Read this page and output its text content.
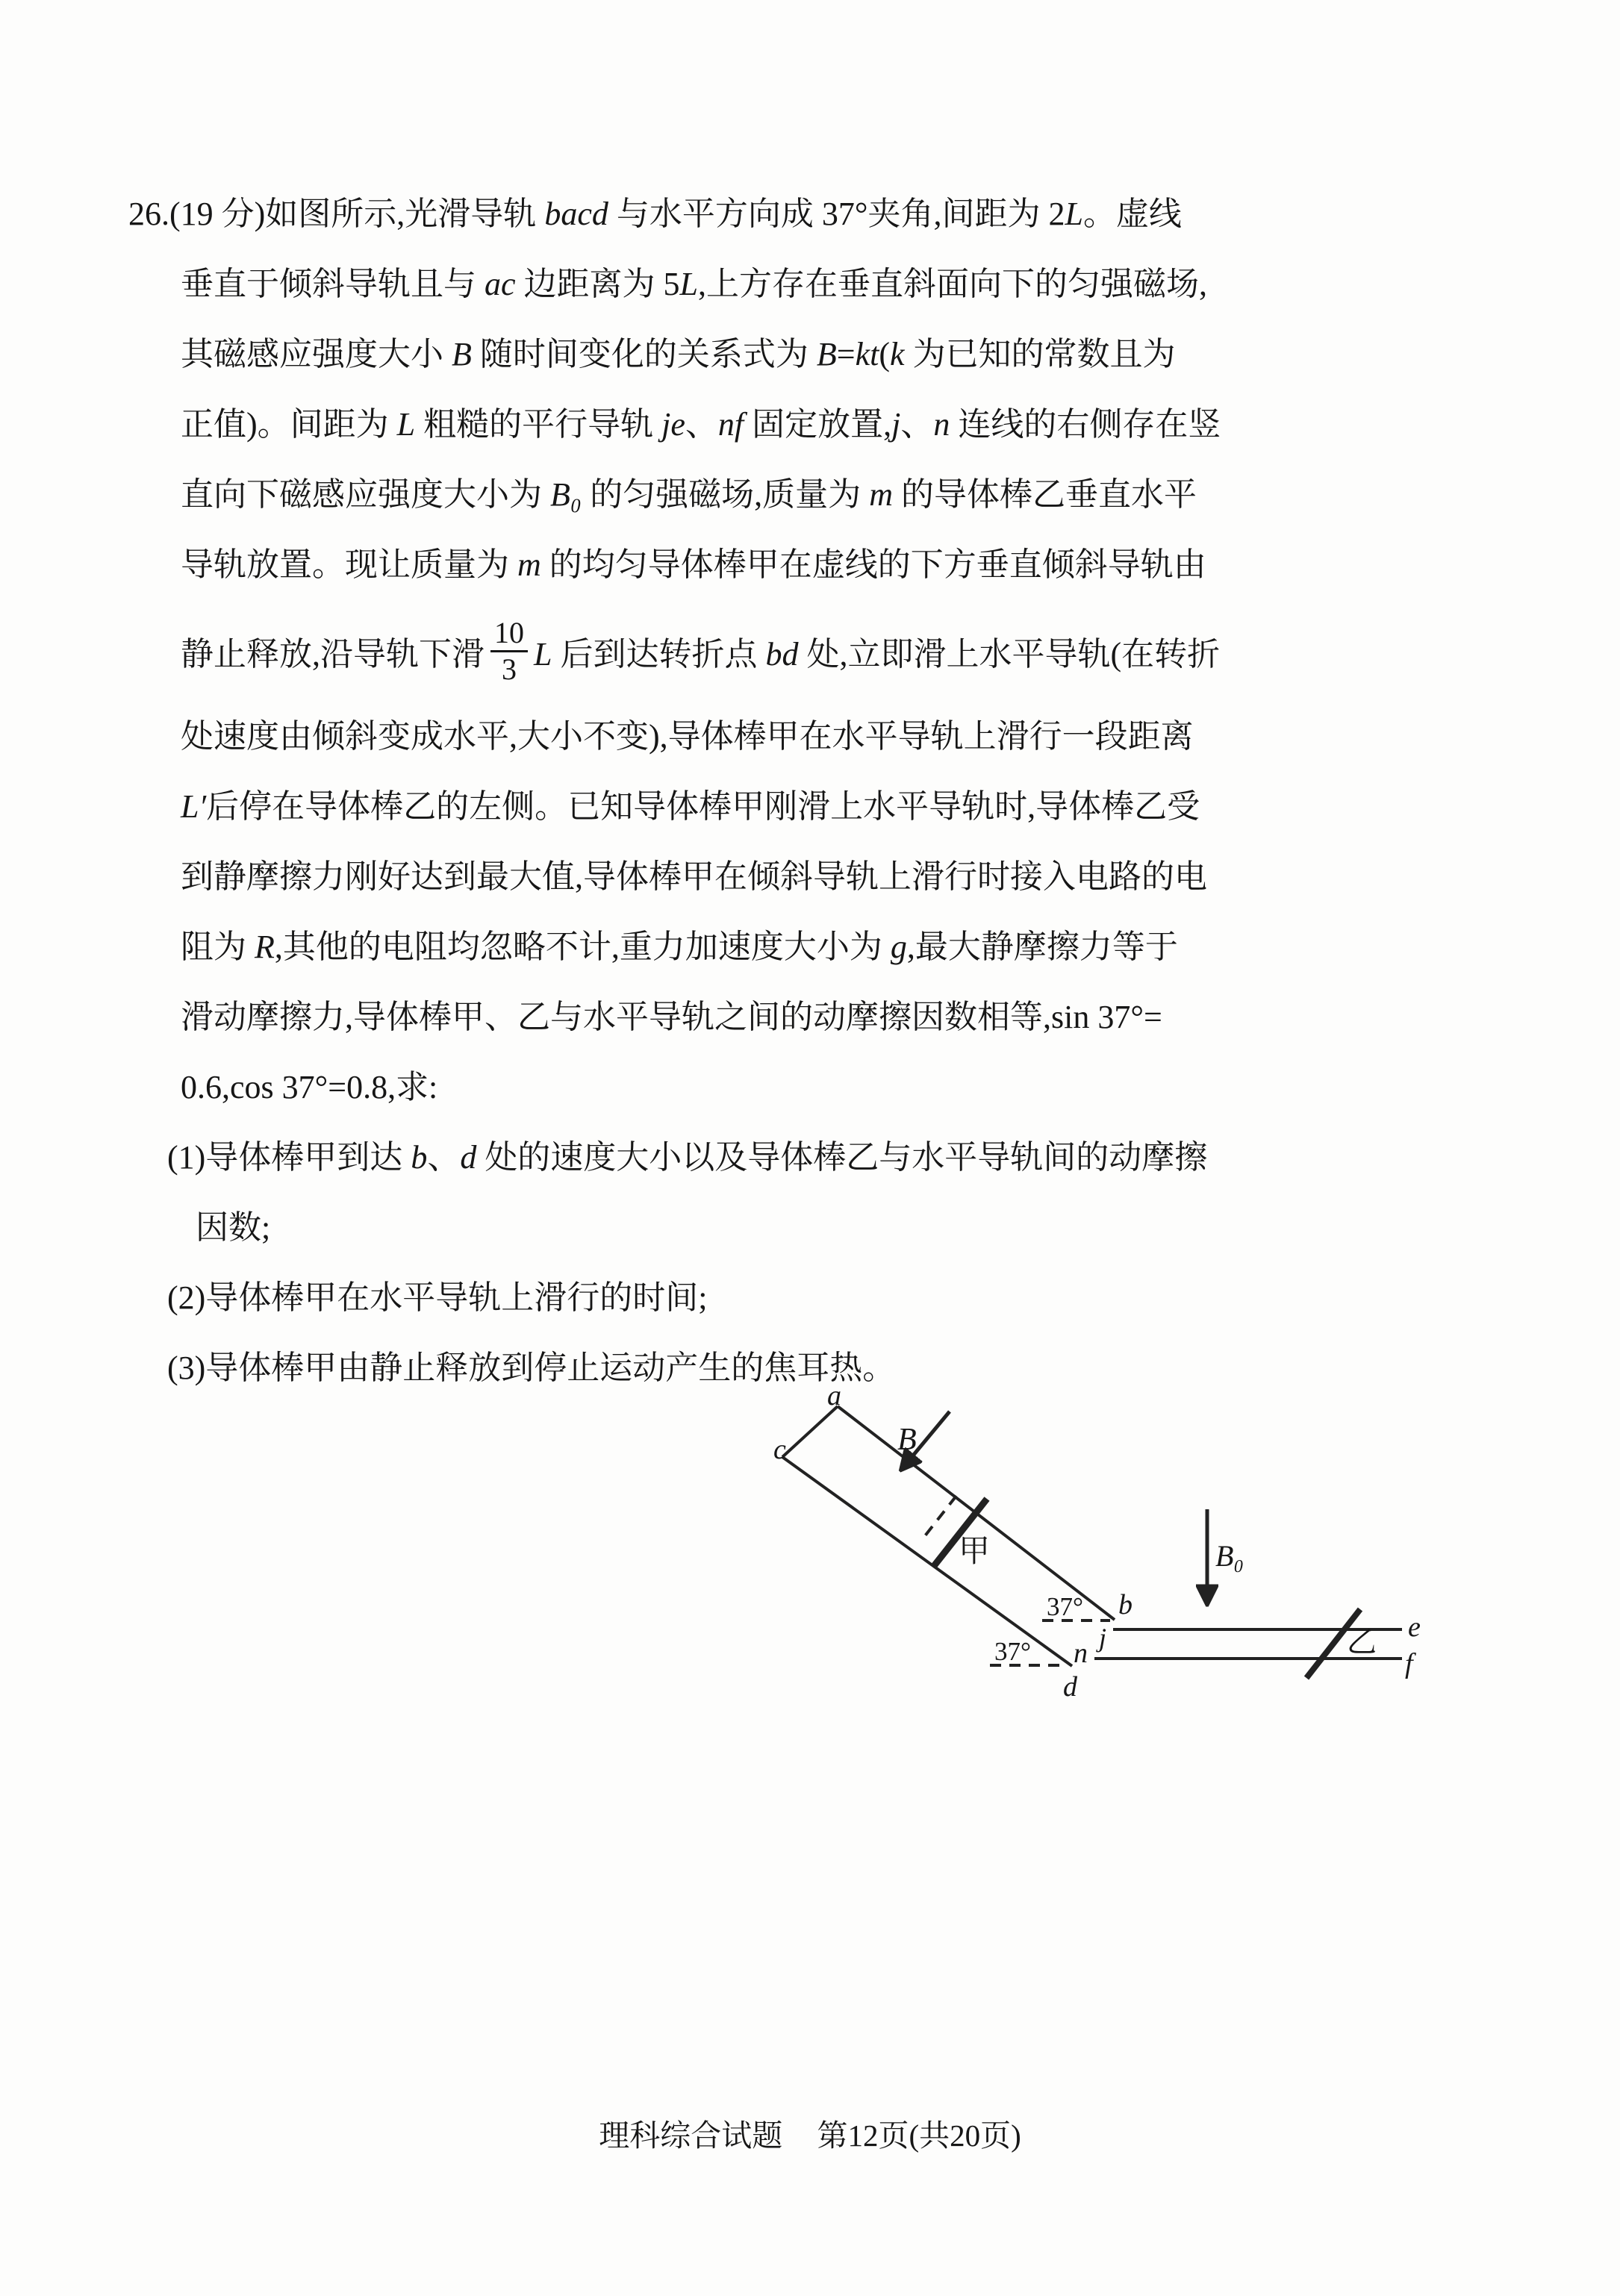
26.(19 分)如图所示,光滑导轨 bacd 与水平方向成 37°夹角,间距为 2L。虚线
垂直于倾斜导轨且与 ac 边距离为 5L,上方存在垂直斜面向下的匀强磁场,
其磁感应强度大小 B 随时间变化的关系式为 B=kt(k 为已知的常数且为
正值)。间距为 L 粗糙的平行导轨 je、nf 固定放置,j、n 连线的右侧存在竖
直向下磁感应强度大小为 B₀ 的匀强磁场,质量为 m 的导体棒乙垂直水平
导轨放置。现让质量为 m 的均匀导体棒甲在虚线的下方垂直倾斜导轨由
静止释放,沿导轨下滑 $\frac{10}{3}$ L 后到达转折点 bd 处,立即滑上水平导轨(在转折
处速度由倾斜变成水平,大小不变),导体棒甲在水平导轨上滑行一段距离
L′后停在导体棒乙的左侧。已知导体棒甲刚滑上水平导轨时,导体棒乙受
到静摩擦力刚好达到最大值,导体棒甲在倾斜导轨上滑行时接入电路的电
阻为 R,其他的电阻均忽略不计,重力加速度大小为 g,最大静摩擦力等于
滑动摩擦力,导体棒甲、乙与水平导轨之间的动摩擦因数相等,sin 37°=
0.6,cos 37°=0.8,求:
(1)导体棒甲到达 b、d 处的速度大小以及导体棒乙与水平导轨间的动摩擦
因数;
(2)导体棒甲在水平导轨上滑行的时间;
(3)导体棒甲由静止释放到停止运动产生的焦耳热。
a
c	B
甲
37° b
37° n j
d
B₀
乙 e
f
理科综合试题 第12页(共20页)
